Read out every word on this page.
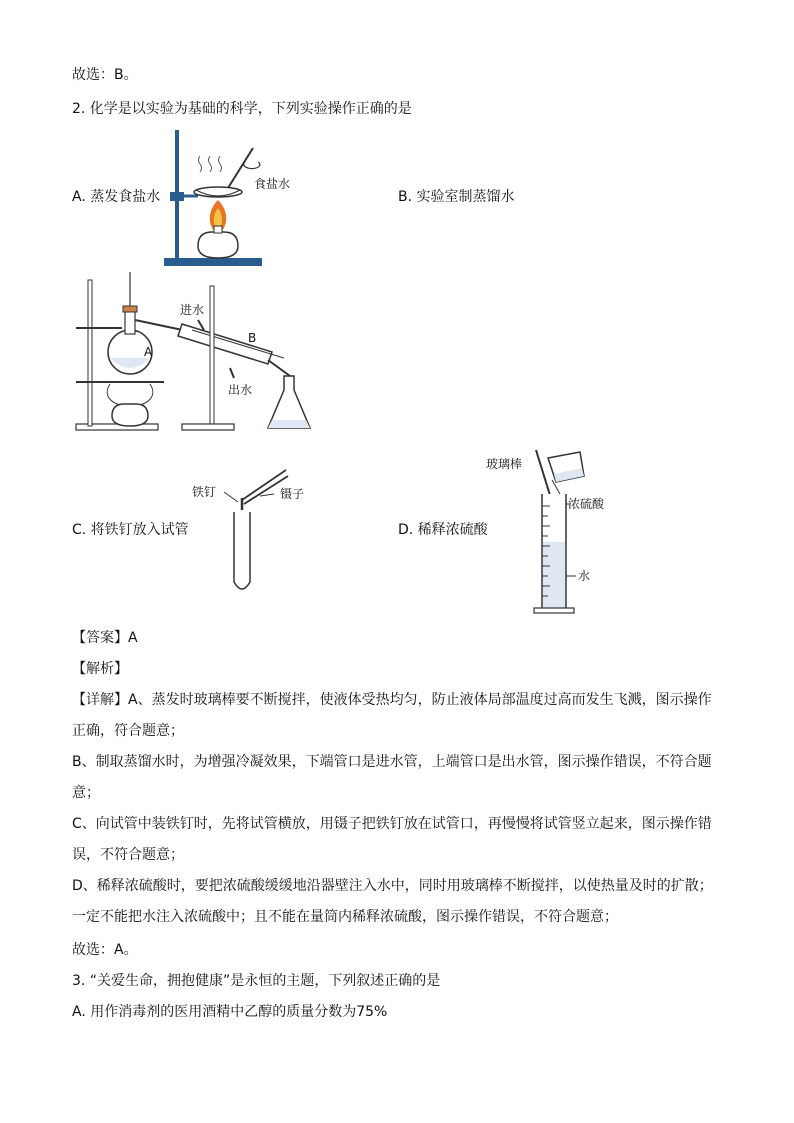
故选：B。
2. 化学是以实验为基础的科学，下列实验操作正确的是
A. 蒸发食盐水	B. 实验室制蒸馏水
C. 将铁钉放入试管	D. 稀释浓硫酸
【答案】A
【解析】
【详解】A、蒸发时玻璃棒要不断搅拌，使液体受热均匀，防止液体局部温度过高而发生飞溅，图示操作
正确，符合题意；
B、制取蒸馏水时，为增强冷凝效果，下端管口是进水管，上端管口是出水管，图示操作错误，不符合题
意；
C、向试管中装铁钉时，先将试管横放，用镊子把铁钉放在试管口，再慢慢将试管竖立起来，图示操作错
误，不符合题意；
D、稀释浓硫酸时，要把浓硫酸缓缓地沿器壁注入水中，同时用玻璃棒不断搅拌，以使热量及时的扩散；
一定不能把水注入浓硫酸中；且不能在量筒内稀释浓硫酸，图示操作错误，不符合题意；
故选：A。
3. “关爱生命，拥抱健康”是永恒的主题，下列叙述正确的是
A. 用作消毒剂的医用酒精中乙醇的质量分数为75%
食盐水
A
B
进水
出水
铁钉	镊子
玻璃棒
浓硫酸
水
